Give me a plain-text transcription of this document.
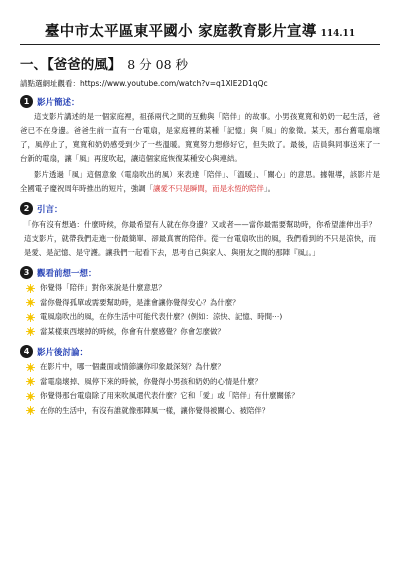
臺中市太平區東平國小 家庭教育影片宣導 114.11
一、【爸爸的風】 8 分 08 秒
請點選網址觀看：https://www.youtube.com/watch?v=q1XlE2D1qQc
1 影片簡述：
這支影片講述的是一個家庭裡，祖孫兩代之間的互動與「陪伴」的故事。小男孩寬寬和奶奶一起生活，爸爸已不在身邊。爸爸生前一直有一台電扇，是家庭裡的某種「記憶」與「風」的象徵。某天，那台舊電扇壞了，風停止了，寬寬和奶奶感受到少了一些溫暖。寬寬努力想修好它，但失敗了。最後，店員與同事送來了一台新的電扇，讓「風」再度吹起，讓這個家庭恢復某種安心與連結。
影片透過「風」這個意象（電扇吹出的風）來表達「陪伴」、「溫暖」、「關心」的意思。據報導，該影片是全國電子慶祝周年時推出的短片，強調「讓愛不只是瞬間，而是永恆的陪伴」。
2 引言：
「你有沒有想過：什麼時候，你最希望有人就在你身邊？又或者——當你最需要幫助時，你希望誰伸出手？這支影片，就帶我們走進一份最簡單、卻最真實的陪伴。從一台電扇吹出的風，我們看到的不只是涼快，而是愛、是記憶、是守護。讓我們一起看下去，思考自己與家人、與朋友之間的那陣『風』。」
3 觀看前想一想：
你覺得「陪伴」對你來說是什麼意思？
當你覺得孤單或需要幫助時，是誰會讓你覺得安心？為什麼？
電風扇吹出的風，在你生活中可能代表什麼？(例如：涼快、記憶、時間⋯)
當某樣東西壞掉的時候，你會有什麼感覺？你會怎麼做？
4 影片後討論：
在影片中，哪一個畫面或情節讓你印象最深刻？為什麼？
當電扇壞掉、風停下來的時候，你覺得小男孩和奶奶的心情是什麼？
你覺得那台電扇除了用來吹風還代表什麼？它和「愛」或「陪伴」有什麼關係？
在你的生活中，有沒有誰就像那陣風一樣，讓你覺得被關心、被陪伴？
